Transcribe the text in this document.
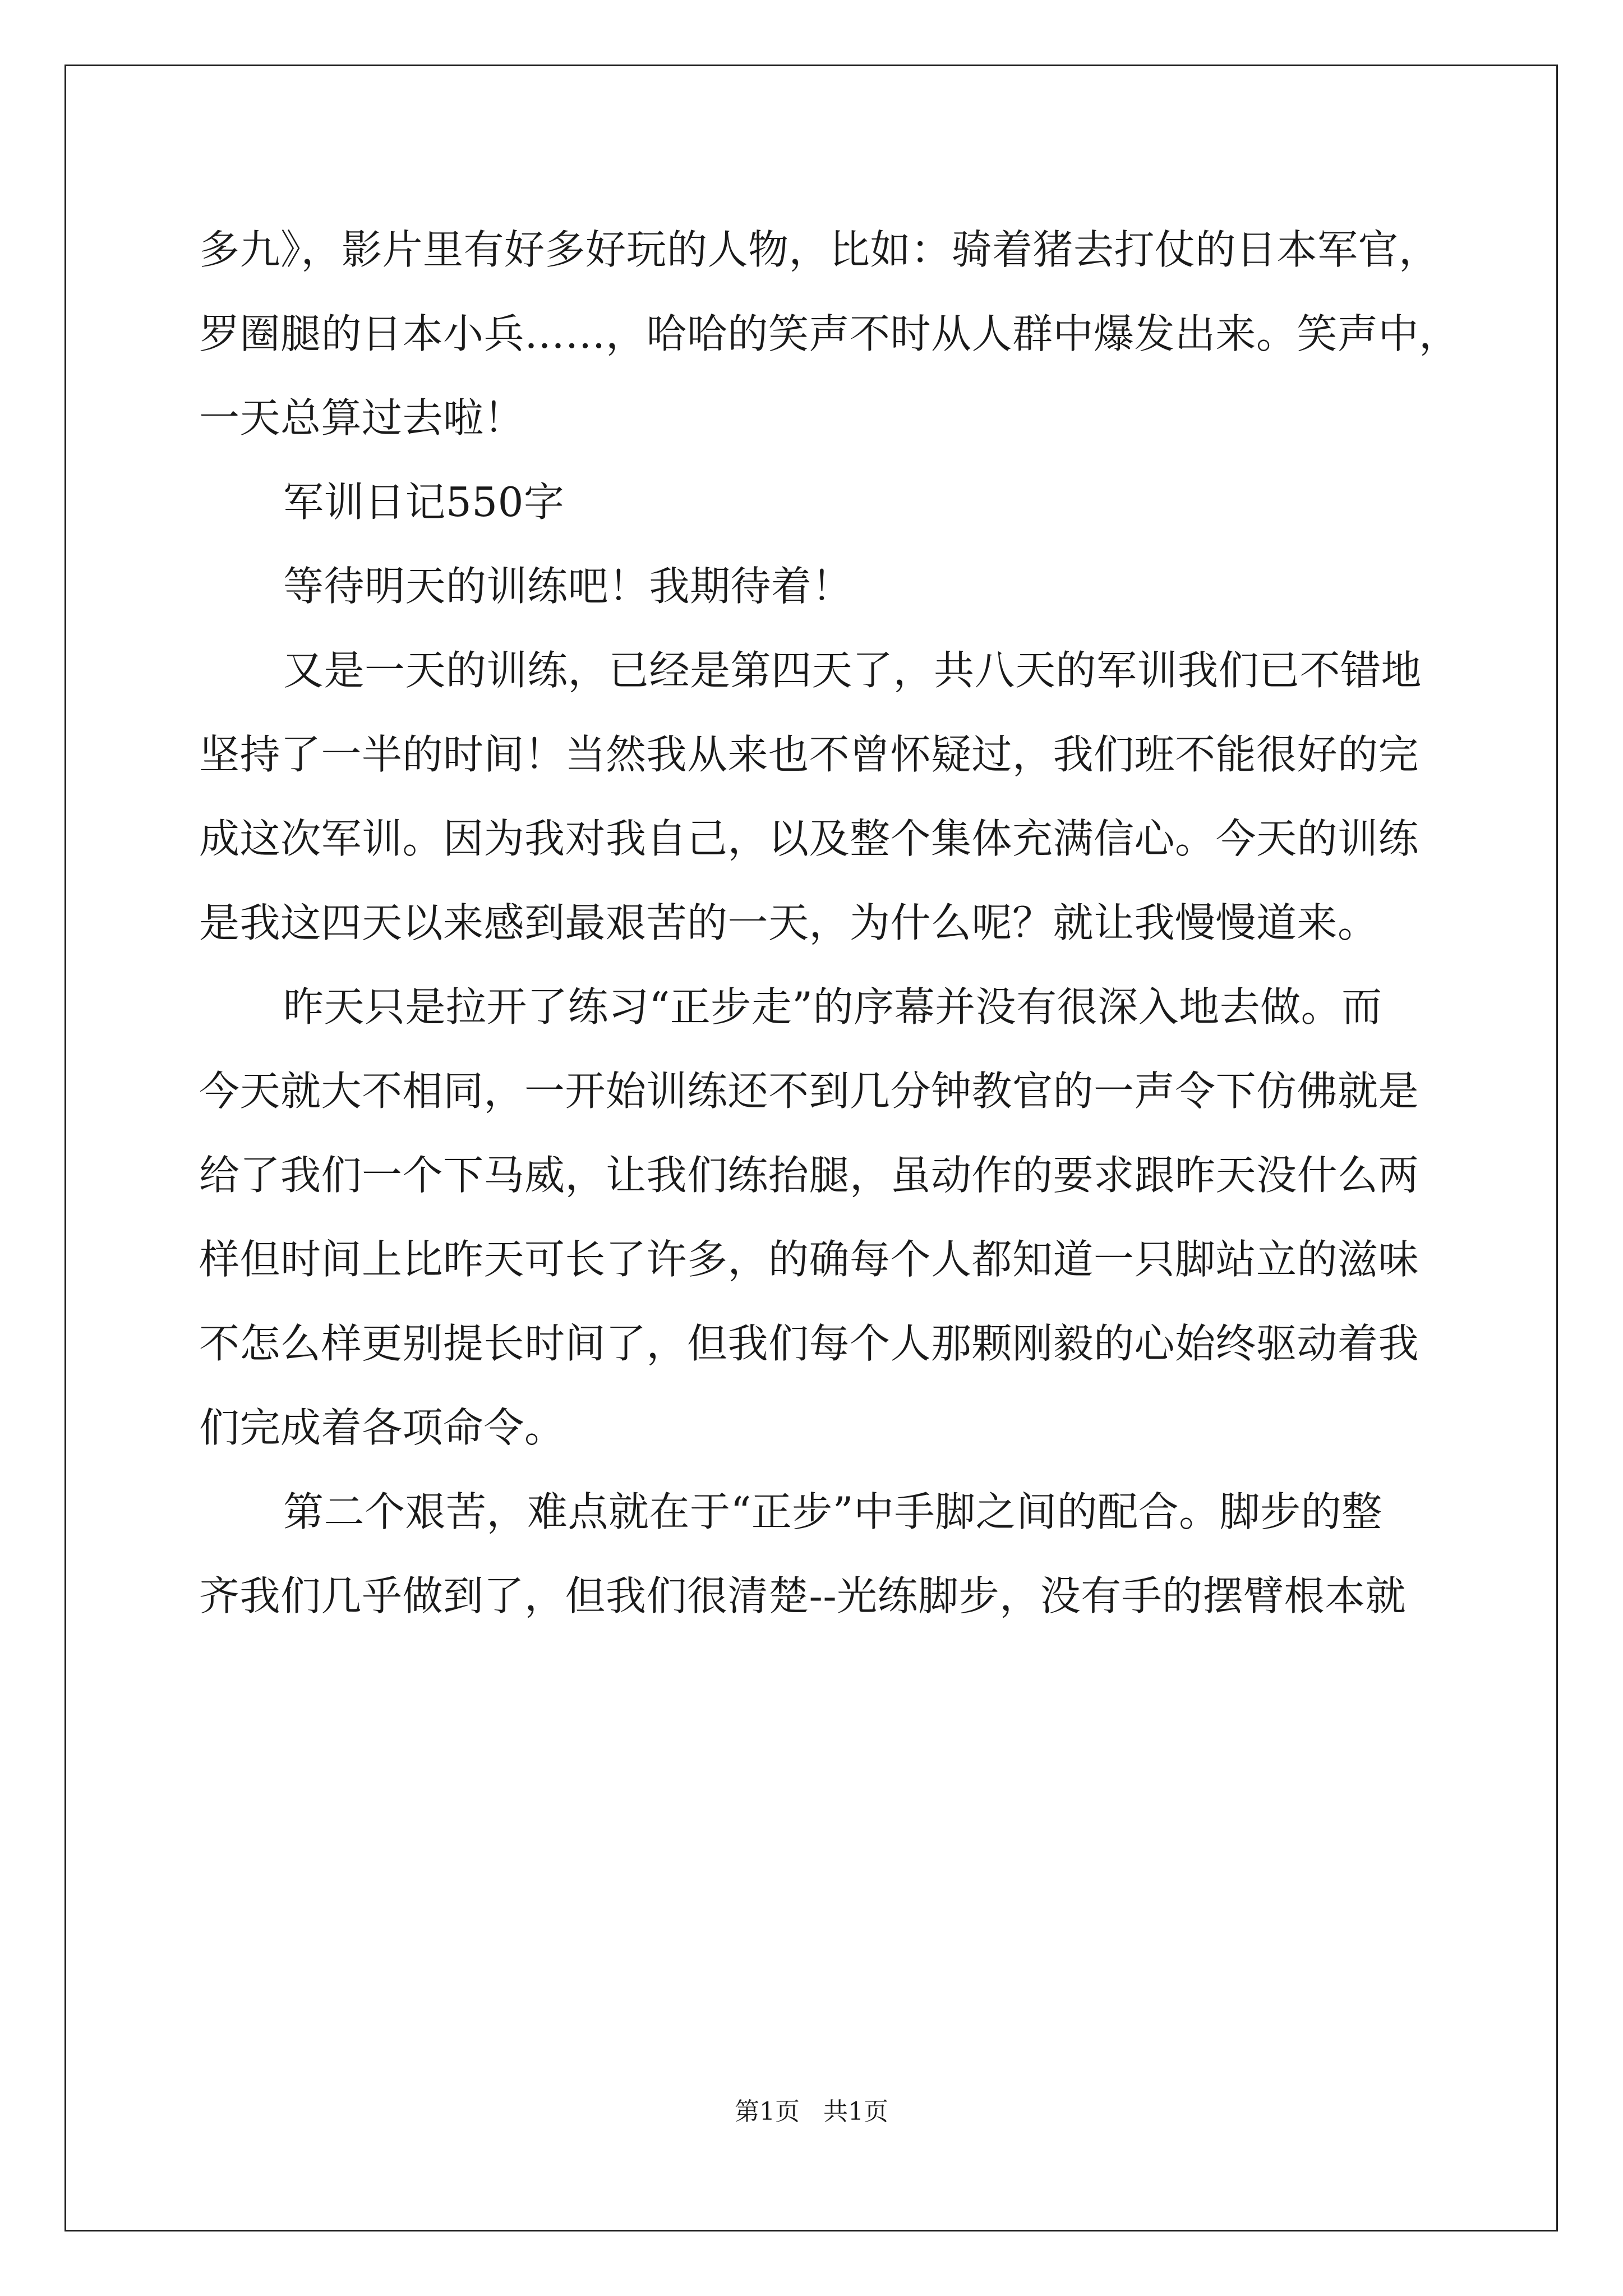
多九》，影片里有好多好玩的人物，比如：骑着猪去打仗的日本军官，
罗圈腿的日本小兵……，哈哈的笑声不时从人群中爆发出来。笑声中，
一天总算过去啦！
军训日记550字
等待明天的训练吧！我期待着！
又是一天的训练，已经是第四天了，共八天的军训我们已不错地
坚持了一半的时间！当然我从来也不曾怀疑过，我们班不能很好的完
成这次军训。因为我对我自己，以及整个集体充满信心。今天的训练
是我这四天以来感到最艰苦的一天，为什么呢？就让我慢慢道来。
昨天只是拉开了练习“正步走”的序幕并没有很深入地去做。而
今天就大不相同，一开始训练还不到几分钟教官的一声令下仿佛就是
给了我们一个下马威，让我们练抬腿，虽动作的要求跟昨天没什么两
样但时间上比昨天可长了许多，的确每个人都知道一只脚站立的滋味
不怎么样更别提长时间了，但我们每个人那颗刚毅的心始终驱动着我
们完成着各项命令。
第二个艰苦，难点就在于“正步”中手脚之间的配合。脚步的整
齐我们几乎做到了，但我们很清楚--光练脚步，没有手的摆臂根本就
第1页   共1页
